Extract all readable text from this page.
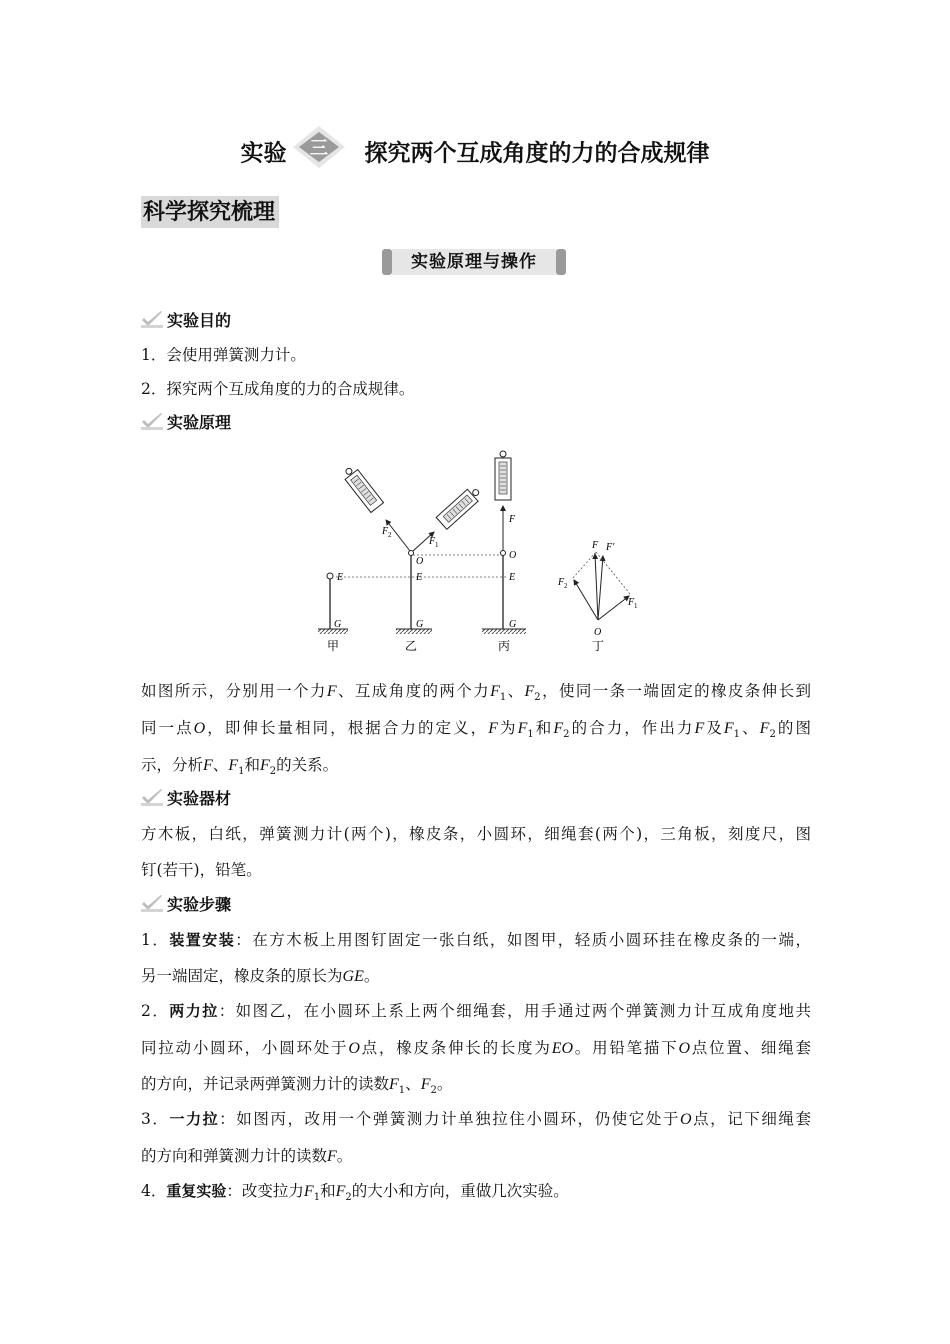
实验 三 探究两个互成角度的力的合成规律
科学探究梳理
实验原理与操作
实验目的
1．会使用弹簧测力计。
2．探究两个互成角度的力的合成规律。
实验原理
E
G
甲
F 2
F 1
O
E
G
乙
F
O
E
G
丙
F F′
F 2
F 1
O
丁
如图所示，分别用一个力F、互成角度的两个力$F_1$、$F_2$，使同一条一端固定的橡皮条伸长到
同一点O，即伸长量相同，根据合力的定义，F为$F_1$和$F_2$的合力，作出力F及$F_1$、$F_2$的图
示，分析F、$F_1$和$F_2$的关系。
实验器材
方木板，白纸，弹簧测力计(两个)，橡皮条，小圆环，细绳套(两个)，三角板，刻度尺，图
钉(若干)，铅笔。
实验步骤
1．装置安装：在方木板上用图钉固定一张白纸，如图甲，轻质小圆环挂在橡皮条的一端，
另一端固定，橡皮条的原长为GE。
2．两力拉：如图乙，在小圆环上系上两个细绳套，用手通过两个弹簧测力计互成角度地共
同拉动小圆环，小圆环处于O点，橡皮条伸长的长度为EO。用铅笔描下O点位置、细绳套
的方向，并记录两弹簧测力计的读数$F_1$、$F_2$。
3．一力拉：如图丙，改用一个弹簧测力计单独拉住小圆环，仍使它处于O点，记下细绳套
的方向和弹簧测力计的读数F。
4．重复实验：改变拉力$F_1$和$F_2$的大小和方向，重做几次实验。
